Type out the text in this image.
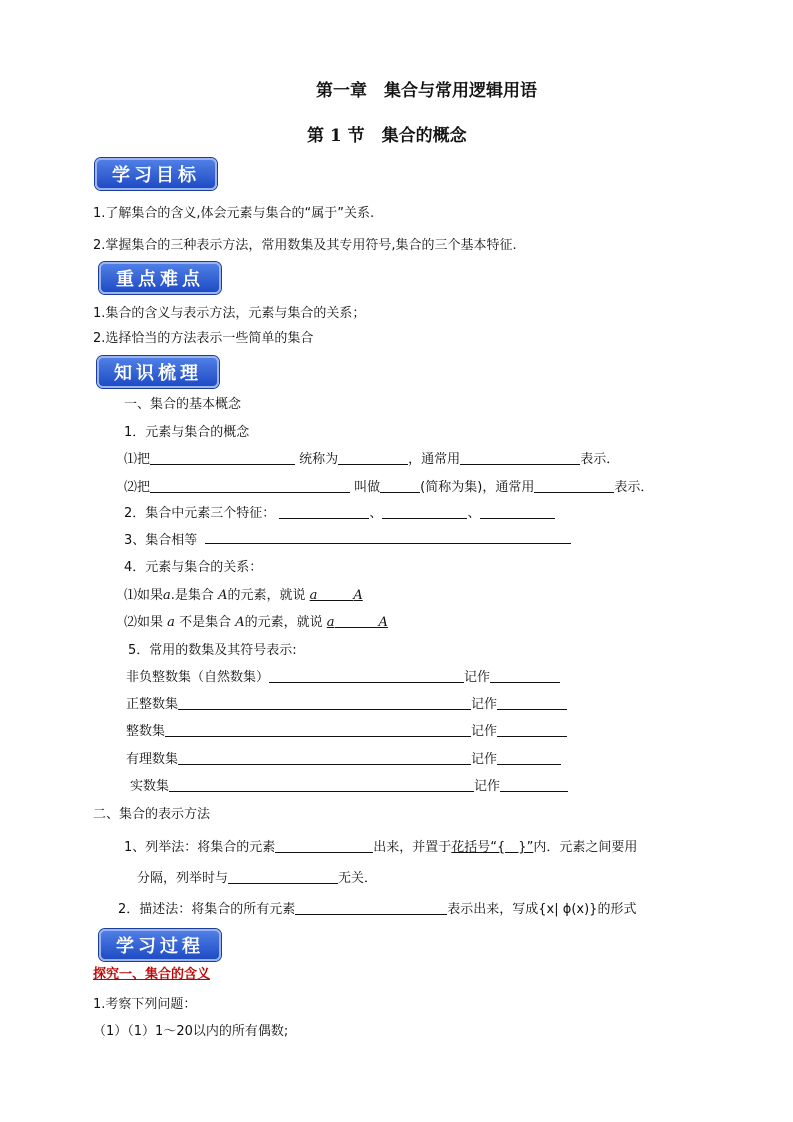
第一章　集合与常用逻辑用语
第 1 节　集合的概念
学习目标
1.了解集合的含义,体会元素与集合的“属于”关系.
2.掌握集合的三种表示方法，常用数集及其专用符号,集合的三个基本特征.
重点难点
1.集合的含义与表示方法，元素与集合的关系；
2.选择恰当的方法表示一些简单的集合
知识梳理
一、集合的基本概念
1．元素与集合的概念
⑴把	统称为	，通常用	表示．
⑵把	叫做	(简称为集)，通常用	表示．
2．集合中元素三个特征：	、	、
3、集合相等
4．元素与集合的关系：
⑴如果a.是集合 A的元素，就说 a	A
⑵如果 a 不是集合 A的元素，就说 a	A
5．常用的数集及其符号表示:
非负整数集（自然数集）	记作
正整数集	记作
整数集	记作
有理数集	记作
实数集	记作
二、集合的表示方法
1、列举法：将集合的元素	出来，并置于花括号“{　}”内．元素之间要用
分隔，列举时与	无关．
2．描述法：将集合的所有元素	表示出来，写成{x| ϕ(x)}的形式
学习过程
探究一、集合的含义
1.考察下列问题：
（1）（1）1～20以内的所有偶数;
